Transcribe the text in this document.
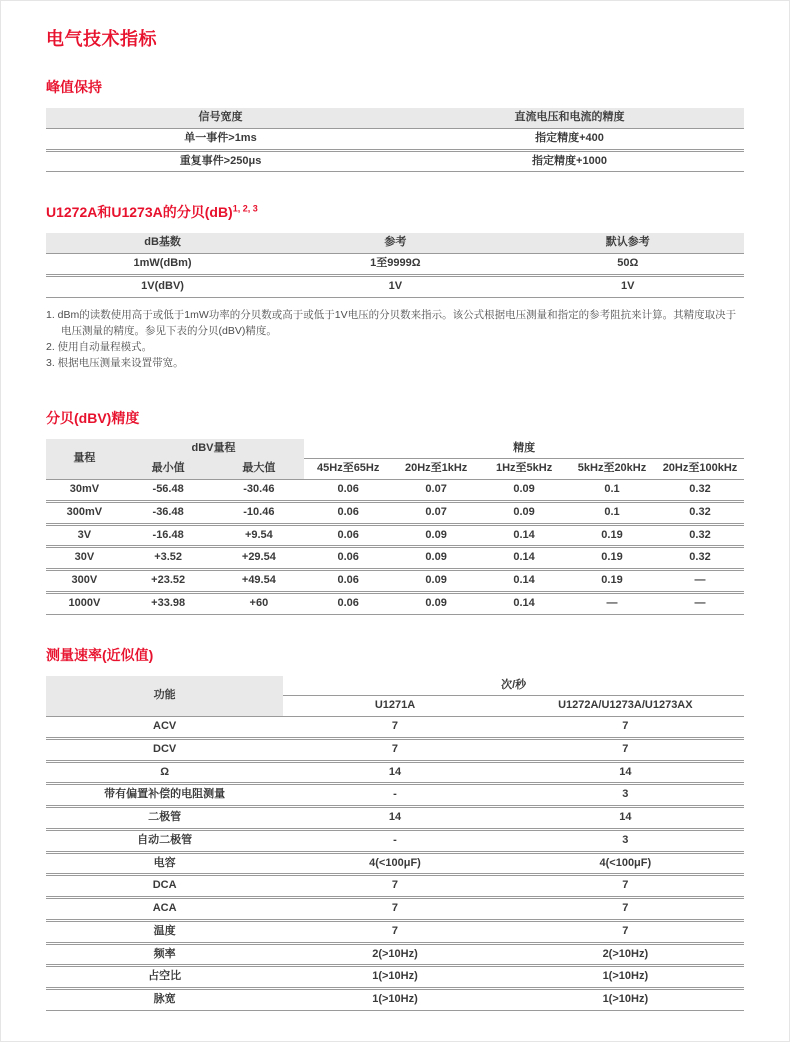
电气技术指标
峰值保持
信号宽度	直流电压和电流的精度
单一事件>1ms	指定精度+400
重复事件>250μs	指定精度+1000
U1272A和U1273A的分贝(dB)$^{1, 2, 3}$
dB基数	参考	默认参考
1mW(dBm)	1至9999Ω	50Ω
1V(dBV)	1V	1V
1. dBm的读数使用高于或低于1mW功率的分贝数或高于或低于1V电压的分贝数来指示。该公式根据电压测量和指定的参考阻抗来计算。其精度取决于电压测量的精度。参见下表的分贝(dBV)精度。
2. 使用自动量程模式。
3. 根据电压测量来设置带宽。
分贝(dBV)精度
量程	dBV量程		精度				
	最小值	最大值	45Hz至65Hz	20Hz至1kHz	1Hz至5kHz	5kHz至20kHz	20Hz至100kHz
30mV	-56.48	-30.46	0.06	0.07	0.09	0.1	0.32
300mV	-36.48	-10.46	0.06	0.07	0.09	0.1	0.32
3V	-16.48	+9.54	0.06	0.09	0.14	0.19	0.32
30V	+3.52	+29.54	0.06	0.09	0.14	0.19	0.32
300V	+23.52	+49.54	0.06	0.09	0.14	0.19	—
1000V	+33.98	+60	0.06	0.09	0.14	—	—
测量速率(近似值)
功能	次/秒	
	U1271A	U1272A/U1273A/U1273AX
ACV	7	7
DCV	7	7
Ω	14	14
带有偏置补偿的电阻测量	-	3
二极管	14	14
自动二极管	-	3
电容	4(<100μF)	4(<100μF)
DCA	7	7
ACA	7	7
温度	7	7
频率	2(>10Hz)	2(>10Hz)
占空比	1(>10Hz)	1(>10Hz)
脉宽	1(>10Hz)	1(>10Hz)
